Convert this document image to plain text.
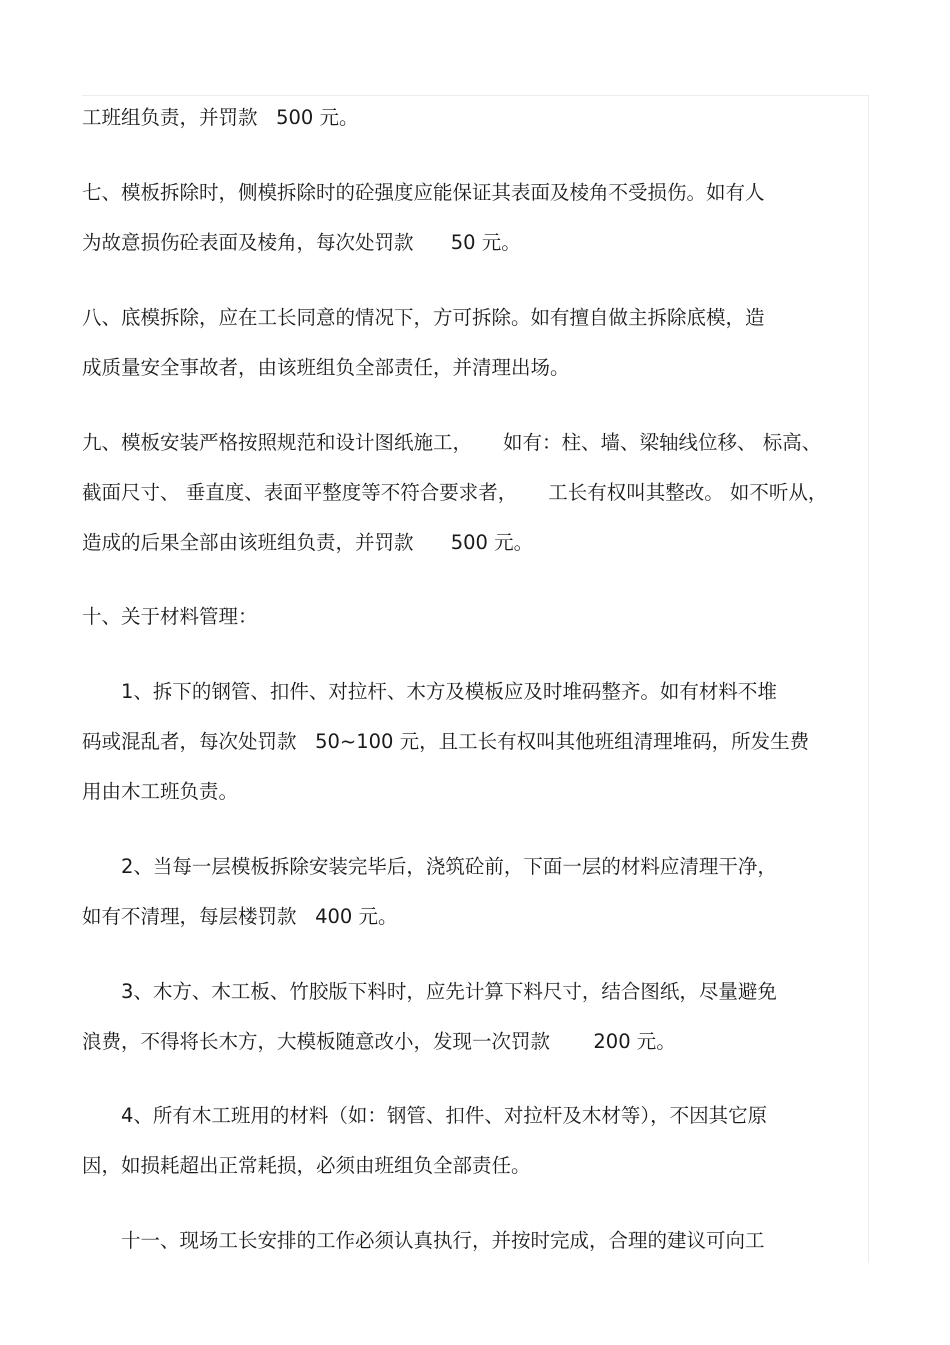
工班组负责，并罚款   500 元。
七、模板拆除时，侧模拆除时的砼强度应能保证其表面及棱角不受损伤。如有人
为故意损伤砼表面及棱角，每次处罚款      50 元。
八、底模拆除，应在工长同意的情况下，方可拆除。如有擅自做主拆除底模，造
成质量安全事故者，由该班组负全部责任，并清理出场。
九、模板安装严格按照规范和设计图纸施工，     如有：柱、墙、梁轴线位移、 标高、
截面尺寸、 垂直度、表面平整度等不符合要求者，     工长有权叫其整改。 如不听从，
造成的后果全部由该班组负责，并罚款      500 元。
十、关于材料管理：
1、拆下的钢管、扣件、对拉杆、木方及模板应及时堆码整齐。如有材料不堆
码或混乱者，每次处罚款   50~100 元，且工长有权叫其他班组清理堆码，所发生费
用由木工班负责。
2、当每一层模板拆除安装完毕后，浇筑砼前，下面一层的材料应清理干净，
如有不清理，每层楼罚款   400 元。
3、木方、木工板、竹胶版下料时，应先计算下料尺寸，结合图纸，尽量避免
浪费，不得将长木方，大模板随意改小，发现一次罚款       200 元。
4、所有木工班用的材料（如：钢管、扣件、对拉杆及木材等），不因其它原
因，如损耗超出正常耗损，必须由班组负全部责任。
十一、现场工长安排的工作必须认真执行，并按时完成，合理的建议可向工
